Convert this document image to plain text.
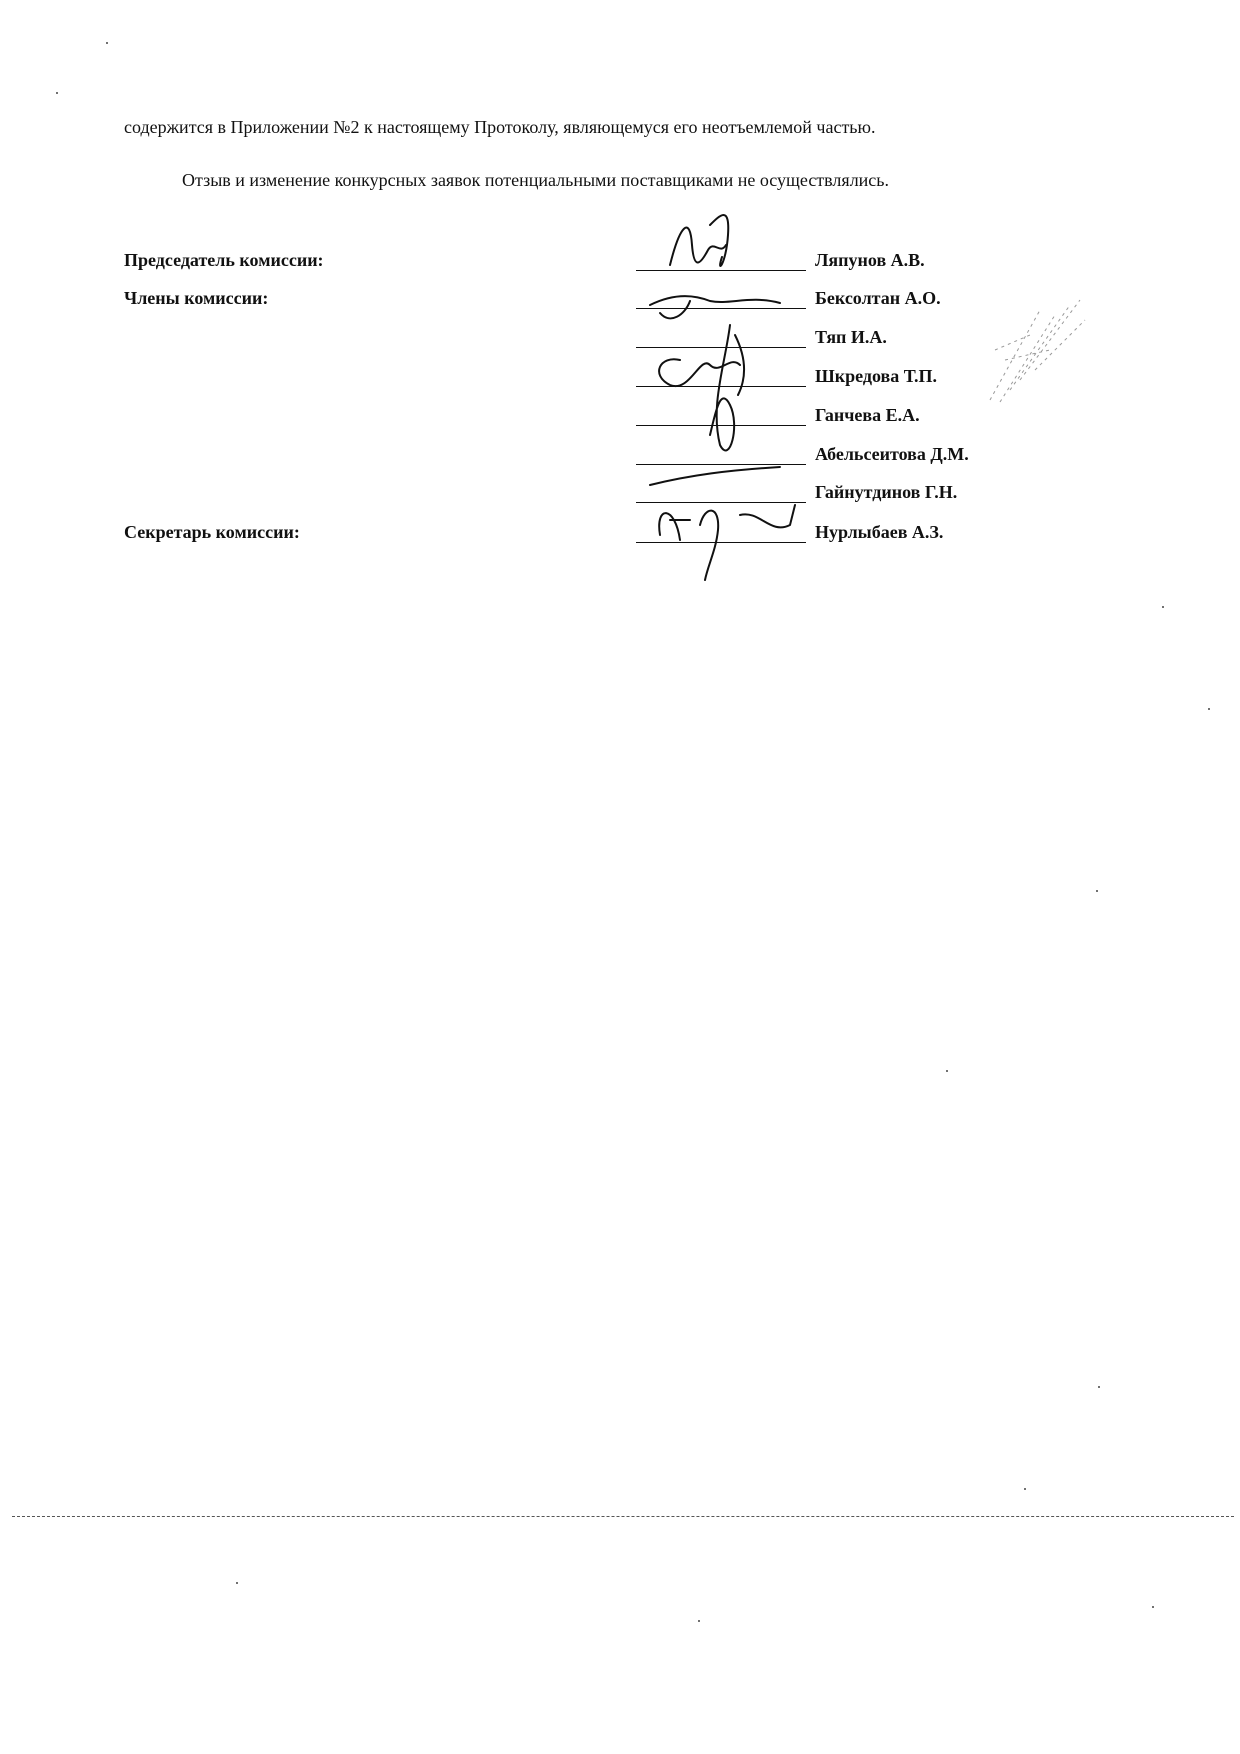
содержится в Приложении №2 к настоящему Протоколу, являющемуся его неотъемлемой частью.
Отзыв и изменение конкурсных заявок потенциальными поставщиками не осуществлялись.
Председатель комиссии:
Члены комиссии:
Секретарь комиссии:
Ляпунов А.В.
Бексолтан А.О.
Тяп И.А.
Шкредова Т.П.
Ганчева Е.А.
Абельсеитова Д.М.
Гайнутдинов Г.Н.
Нурлыбаев А.З.
